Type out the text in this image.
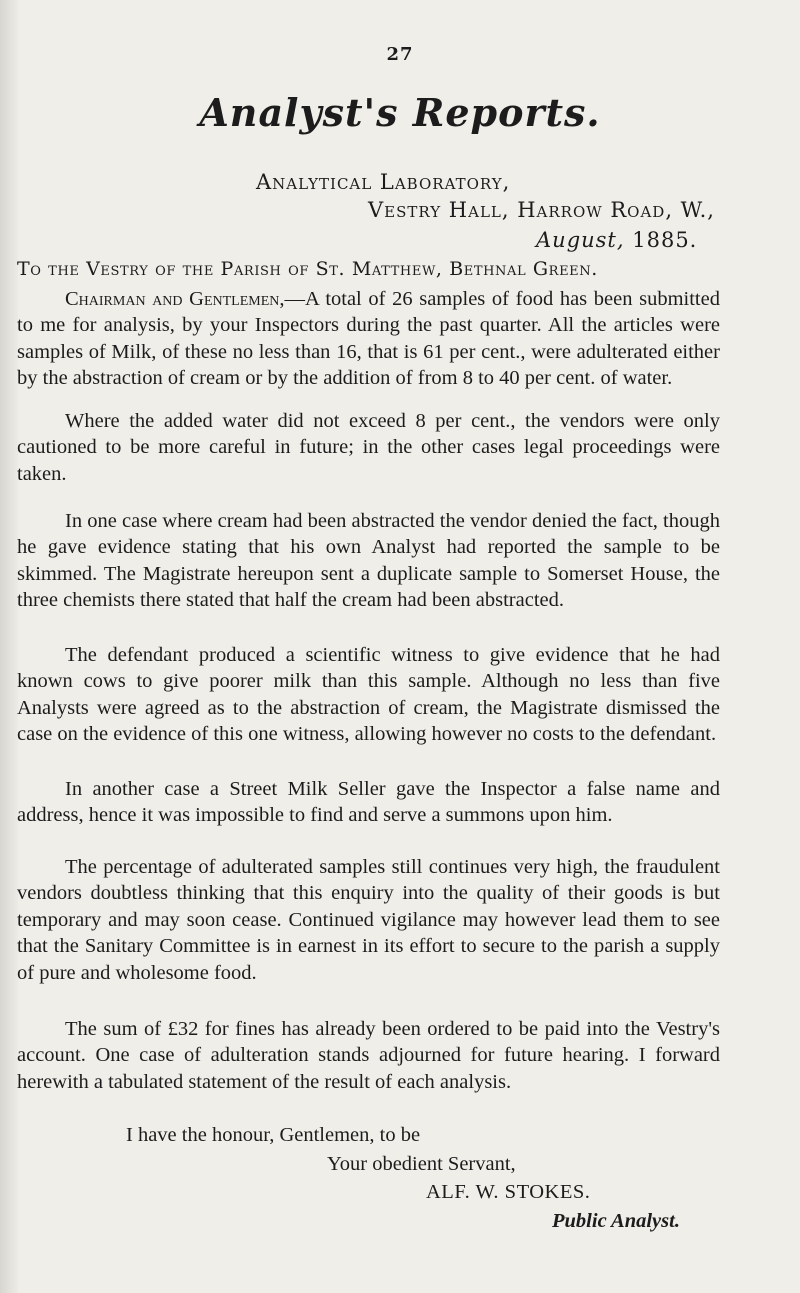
27
Analyst's Reports.
Analytical Laboratory,
Vestry Hall, Harrow Road, W.,
August, 1885.
To the Vestry of the Parish of St. Matthew, Bethnal Green.
Chairman and Gentlemen,—A total of 26 samples of food has been submitted to me for analysis, by your Inspectors during the past quarter. All the articles were samples of Milk, of these no less than 16, that is 61 per cent., were adulterated either by the abstraction of cream or by the addition of from 8 to 40 per cent. of water.
Where the added water did not exceed 8 per cent., the vendors were only cautioned to be more careful in future; in the other cases legal proceedings were taken.
In one case where cream had been abstracted the vendor denied the fact, though he gave evidence stating that his own Analyst had reported the sample to be skimmed. The Magistrate hereupon sent a duplicate sample to Somerset House, the three chemists there stated that half the cream had been abstracted.
The defendant produced a scientific witness to give evidence that he had known cows to give poorer milk than this sample. Although no less than five Analysts were agreed as to the abstraction of cream, the Magistrate dismissed the case on the evidence of this one witness, allowing however no costs to the defendant.
In another case a Street Milk Seller gave the Inspector a false name and address, hence it was impossible to find and serve a summons upon him.
The percentage of adulterated samples still continues very high, the fraudulent vendors doubtless thinking that this enquiry into the quality of their goods is but temporary and may soon cease. Continued vigilance may however lead them to see that the Sanitary Committee is in earnest in its effort to secure to the parish a supply of pure and wholesome food.
The sum of £32 for fines has already been ordered to be paid into the Vestry's account. One case of adulteration stands adjourned for future hearing. I forward herewith a tabulated statement of the result of each analysis.
I have the honour, Gentlemen, to be
Your obedient Servant,
ALF. W. STOKES.
Public Analyst.
